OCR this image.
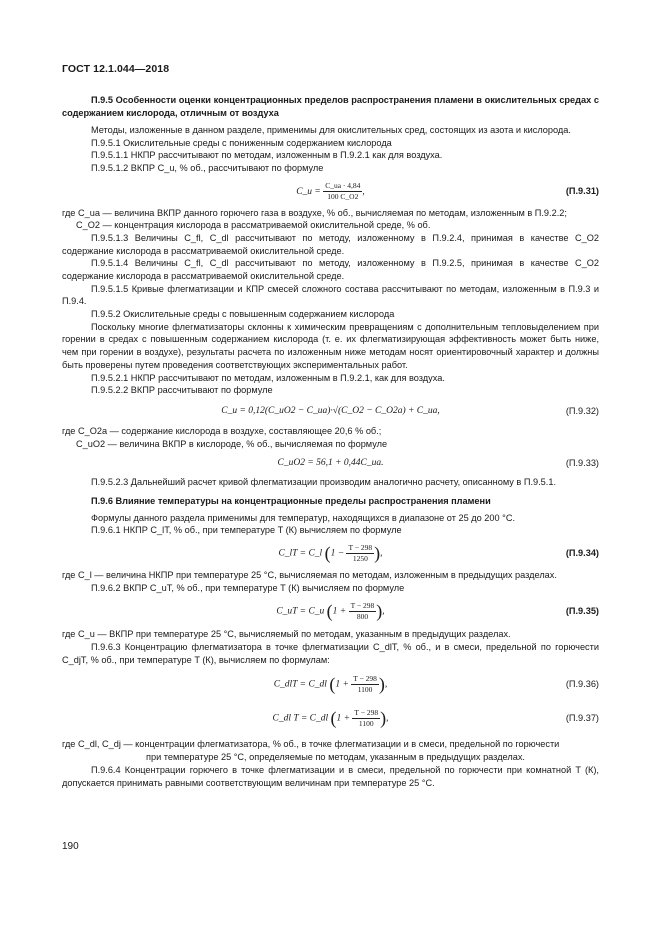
ГОСТ 12.1.044—2018

П.9.5 Особенности оценки концентрационных пределов распространения пламени в окислительных средах с содержанием кислорода, отличным от воздуха

Методы, изложенные в данном разделе, применимы для окислительных сред, состоящих из азота и кислорода.

П.9.5.1 Окислительные среды с пониженным содержанием кислорода

П.9.5.1.1 НКПР рассчитывают по методам, изложенным в П.9.2.1 как для воздуха.

П.9.5.1.2 ВКПР C_u, % об., рассчитывают по формуле

C_u = $\frac{C\_ua \cdot 4,84}{100 C\_O2}$ ,	(П.9.31)

где C_ua — величина ВКПР данного горючего газа в воздухе, % об., вычисляемая по методам, изложенным в П.9.2.2;

C_O2 — концентрация кислорода в рассматриваемой окислительной среде, % об.

П.9.5.1.3 Величины C_fl, C_dl рассчитывают по методу, изложенному в П.9.2.4, принимая в качестве C_O2 содержание кислорода в рассматриваемой окислительной среде.

П.9.5.1.4 Величины C_fl, C_dl рассчитывают по методу, изложенному в П.9.2.5, принимая в качестве C_O2 содержание кислорода в рассматриваемой окислительной среде.

П.9.5.1.5 Кривые флегматизации и КПР смесей сложного состава рассчитывают по методам, изложенным в П.9.3 и П.9.4.

П.9.5.2 Окислительные среды с повышенным содержанием кислорода

Поскольку многие флегматизаторы склонны к химическим превращениям с дополнительным тепловыделением при горении в средах с повышенным содержанием кислорода (т. е. их флегматизирующая эффективность может быть ниже, чем при горении в воздухе), результаты расчета по изложенным ниже методам носят ориентировочный характер и должны быть проверены путем проведения соответствующих экспериментальных работ.

П.9.5.2.1 НКПР рассчитывают по методам, изложенным в П.9.2.1, как для воздуха.

П.9.5.2.2 ВКПР рассчитывают по формуле

C_u = 0,12(C_uO2 − C_ua)·√(C_O2 − C_O2a) + C_ua,	(П.9.32)

где C_O2a — содержание кислорода в воздухе, составляющее 20,6 % об.;

C_uO2 — величина ВКПР в кислороде, % об., вычисляемая по формуле

C_uO2 = 56,1 + 0,44C_ua.	(П.9.33)

П.9.5.2.3 Дальнейший расчет кривой флегматизации производим аналогично расчету, описанному в П.9.5.1.

П.9.6 Влияние температуры на концентрационные пределы распространения пламени

Формулы данного раздела применимы для температур, находящихся в диапазоне от 25 до 200 °С.

П.9.6.1 НКПР C_lT, % об., при температуре T (К) вычисляем по формуле

C_lT = C_l ($1 - \frac{T - 298}{1250}$ ),	(П.9.34)

где C_l — величина НКПР при температуре 25 °С, вычисляемая по методам, изложенным в предыдущих разделах.

П.9.6.2 ВКПР C_uT, % об., при температуре T (К) вычисляем по формуле

C_uT = C_u ($1 + \frac{T - 298}{800}$ ),	(П.9.35)

где C_u — ВКПР при температуре 25 °С, вычисляемый по методам, указанным в предыдущих разделах.

П.9.6.3 Концентрацию флегматизатора в точке флегматизации C_dlT, % об., и в смеси, предельной по горючести C_djT, % об., при температуре T (К), вычисляем по формулам:

C_dlT = C_dl ($1 + \frac{T - 298}{1100}$ ),	(П.9.36)
C_dl T = C_dl ($1 + \frac{T - 298}{1100}$ ),	(П.9.37)

где C_dl, C_dj — концентрации флегматизатора, % об., в точке флегматизации и в смеси, предельной по горючести

при температуре 25 °С, определяемые по методам, указанным в предыдущих разделах.

П.9.6.4 Концентрации горючего в точке флегматизации и в смеси, предельной по горючести при комнатной T (К), допускается принимать равными соответствующим величинам при температуре 25 °С.

190
